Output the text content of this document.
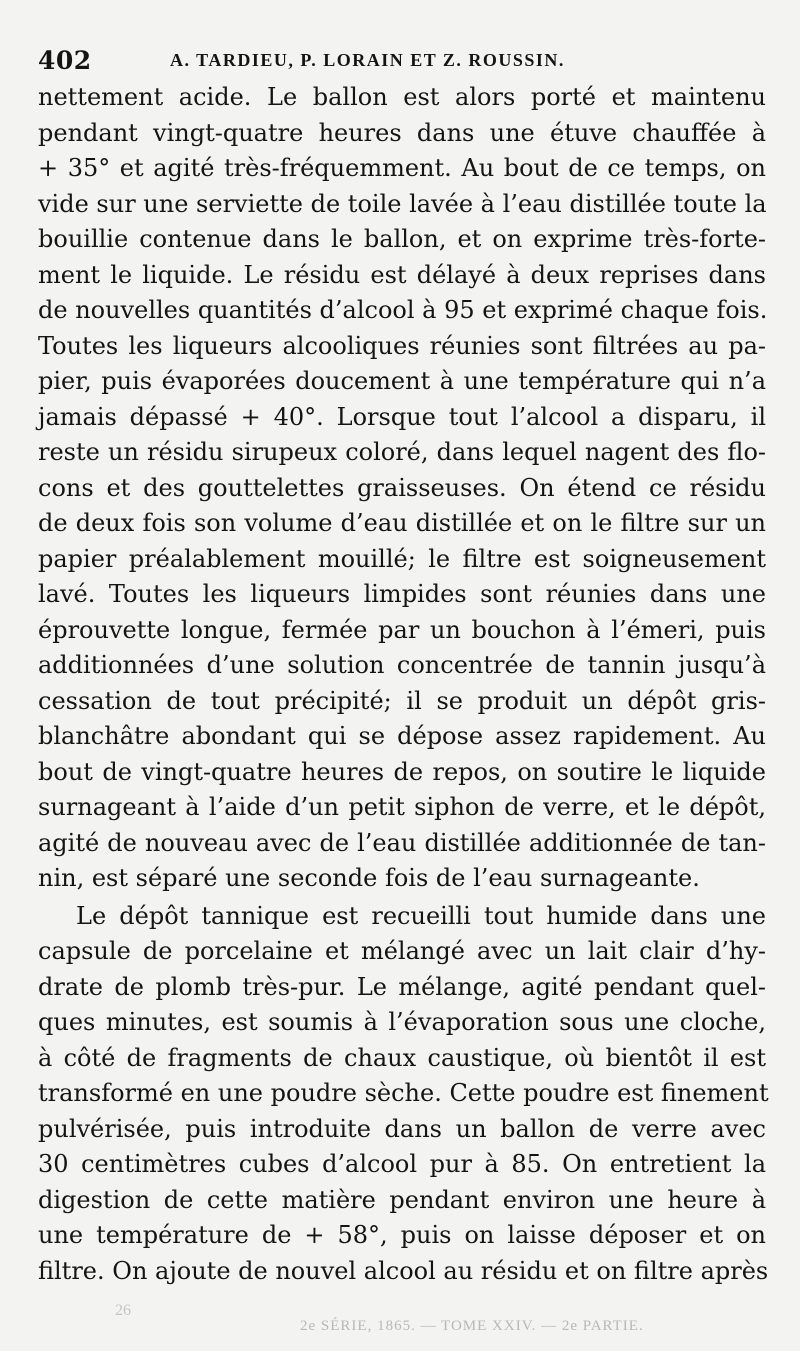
402	A. TARDIEU, P. LORAIN ET Z. ROUSSIN.
nettement acide. Le ballon est alors porté et maintenu
pendant vingt-quatre heures dans une étuve chauffée à
+ 35° et agité très-fréquemment. Au bout de ce temps, on
vide sur une serviette de toile lavée à l’eau distillée toute la
bouillie contenue dans le ballon, et on exprime très-forte-
ment le liquide. Le résidu est délayé à deux reprises dans
de nouvelles quantités d’alcool à 95 et exprimé chaque fois.
Toutes les liqueurs alcooliques réunies sont filtrées au pa-
pier, puis évaporées doucement à une température qui n’a
jamais dépassé + 40°. Lorsque tout l’alcool a disparu, il
reste un résidu sirupeux coloré, dans lequel nagent des flo-
cons et des gouttelettes graisseuses. On étend ce résidu
de deux fois son volume d’eau distillée et on le filtre sur un
papier préalablement mouillé; le filtre est soigneusement
lavé. Toutes les liqueurs limpides sont réunies dans une
éprouvette longue, fermée par un bouchon à l’émeri, puis
additionnées d’une solution concentrée de tannin jusqu’à
cessation de tout précipité; il se produit un dépôt gris-
blanchâtre abondant qui se dépose assez rapidement. Au
bout de vingt-quatre heures de repos, on soutire le liquide
surnageant à l’aide d’un petit siphon de verre, et le dépôt,
agité de nouveau avec de l’eau distillée additionnée de tan-
nin, est séparé une seconde fois de l’eau surnageante.
Le dépôt tannique est recueilli tout humide dans une
capsule de porcelaine et mélangé avec un lait clair d’hy-
drate de plomb très-pur. Le mélange, agité pendant quel-
ques minutes, est soumis à l’évaporation sous une cloche,
à côté de fragments de chaux caustique, où bientôt il est
transformé en une poudre sèche. Cette poudre est finement
pulvérisée, puis introduite dans un ballon de verre avec
30 centimètres cubes d’alcool pur à 85. On entretient la
digestion de cette matière pendant environ une heure à
une température de + 58°, puis on laisse déposer et on
filtre. On ajoute de nouvel alcool au résidu et on filtre après
26
2e SÉRIE, 1865. — TOME XXIV. — 2e PARTIE.
